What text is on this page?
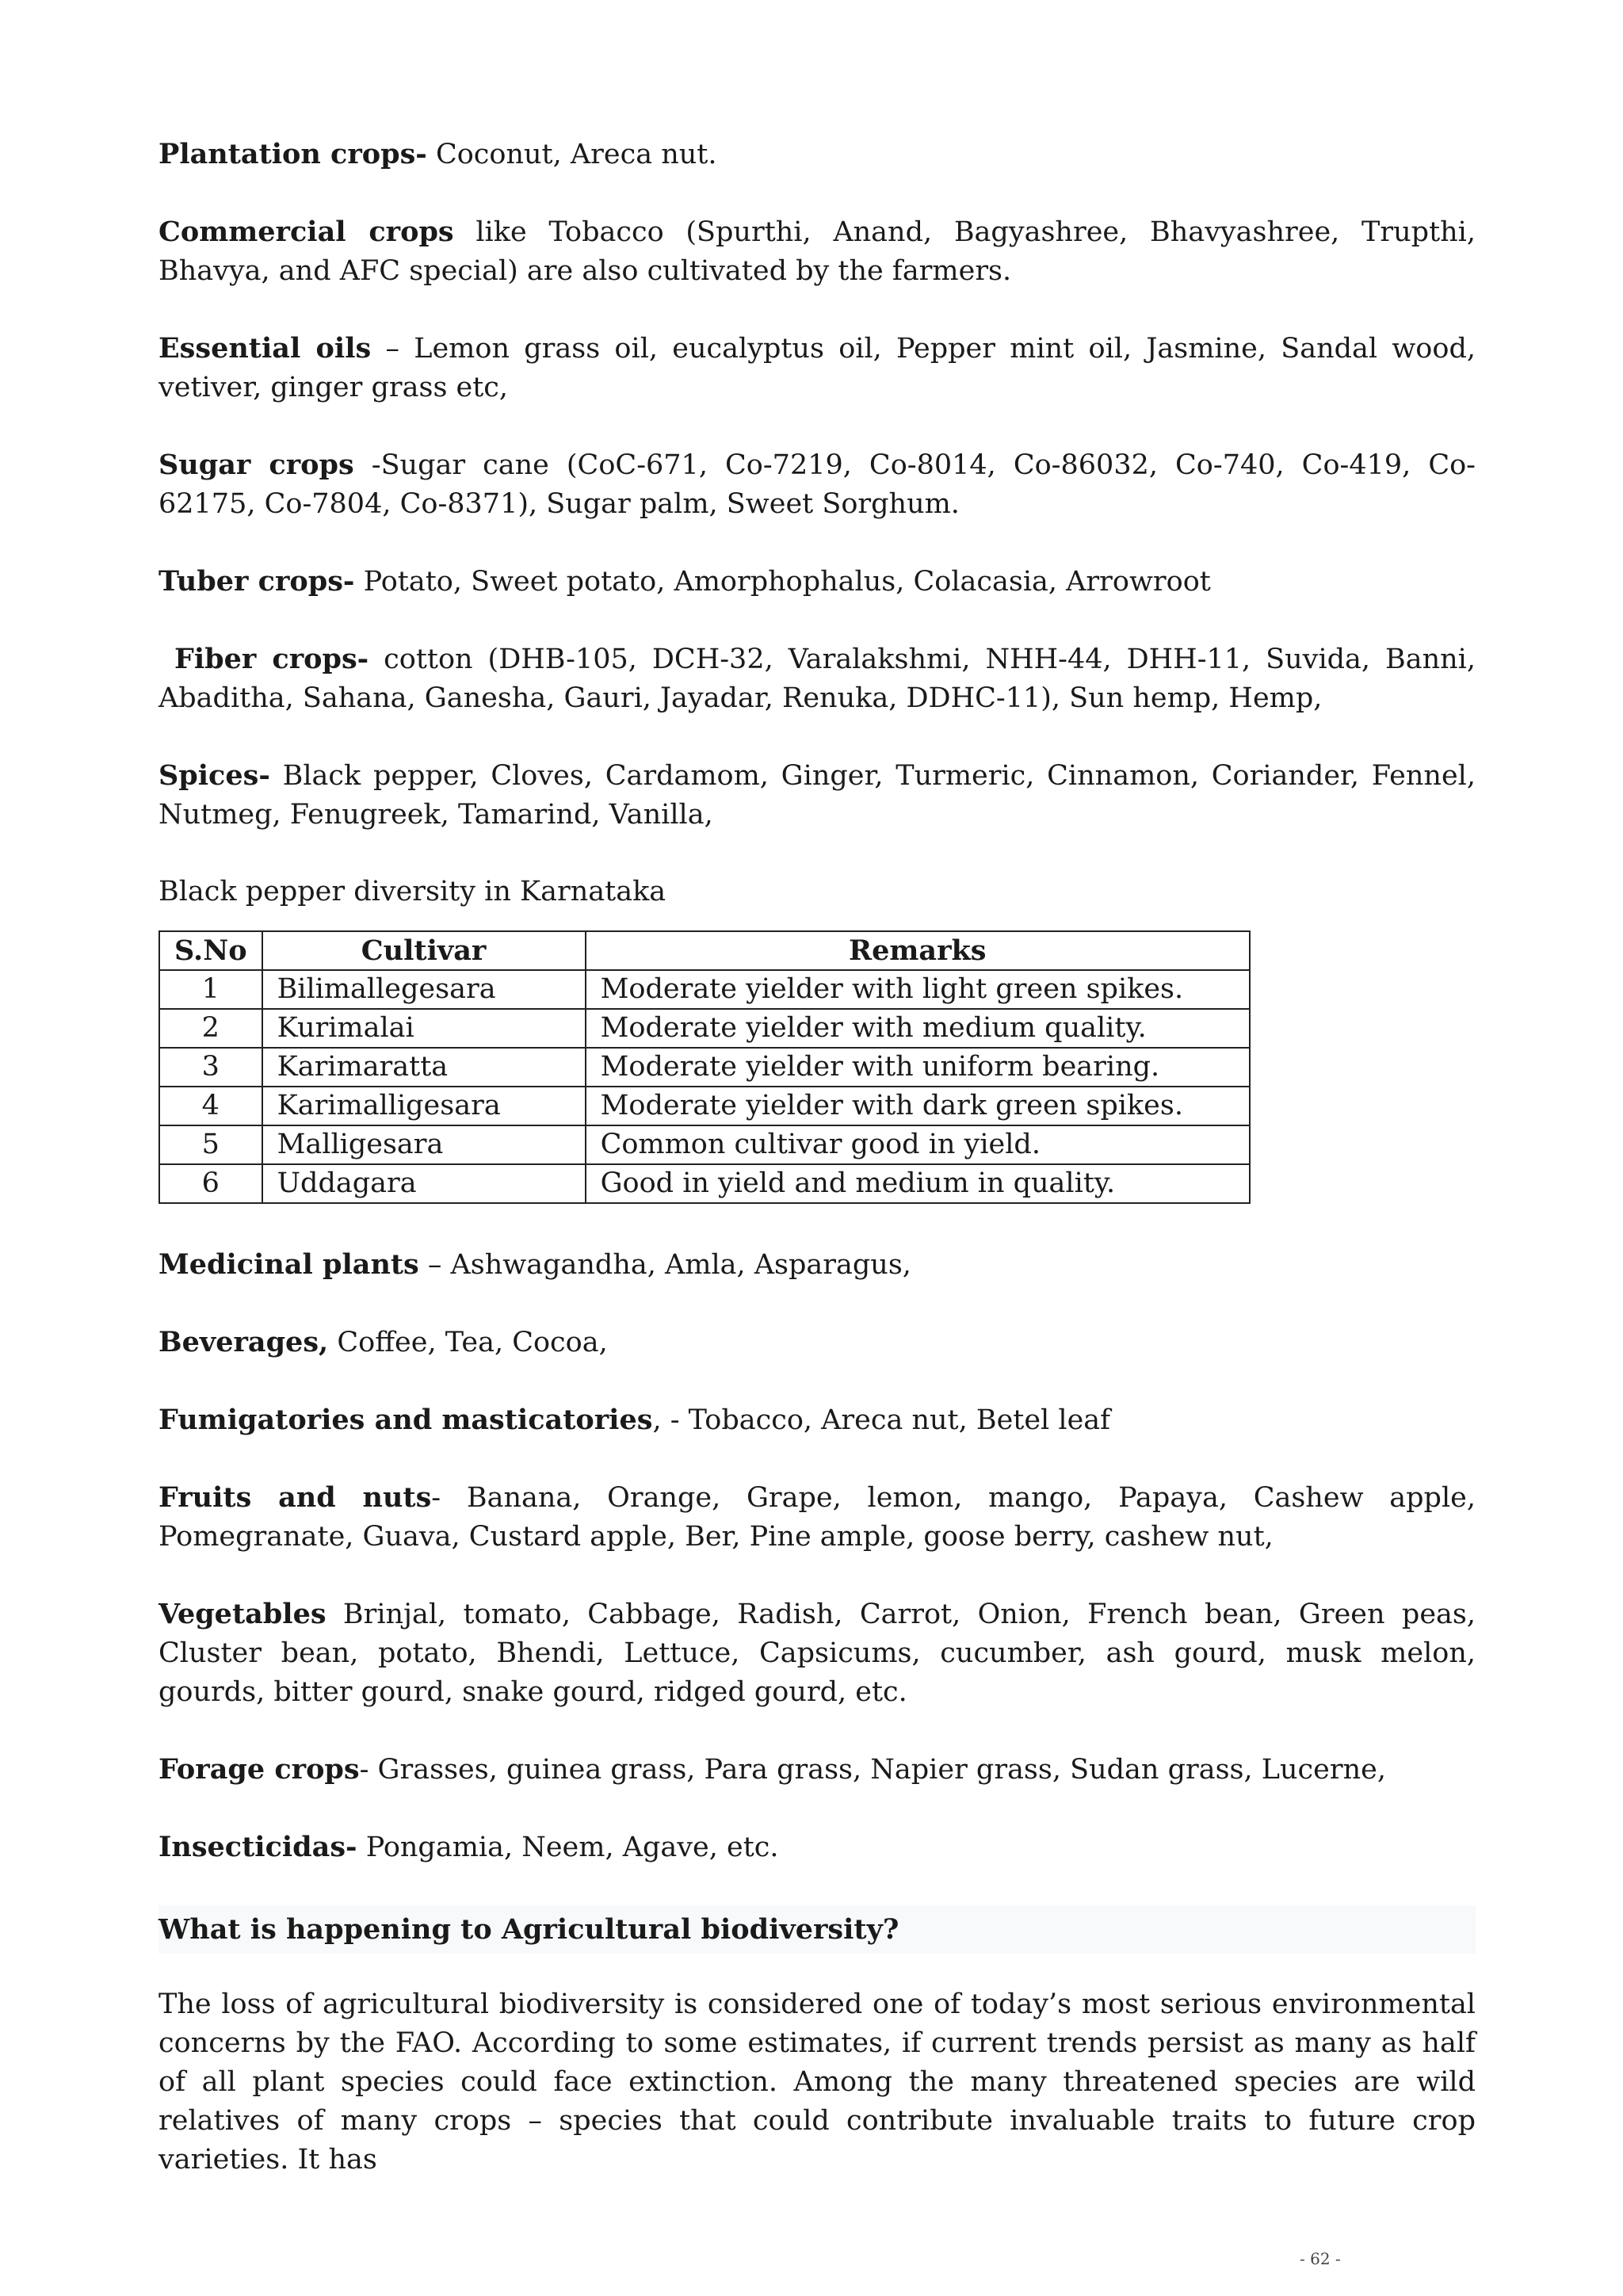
Plantation crops- Coconut, Areca nut.

Commercial crops like Tobacco (Spurthi, Anand, Bagyashree, Bhavyashree, Trupthi, Bhavya, and AFC special) are also cultivated by the farmers.

Essential oils – Lemon grass oil, eucalyptus oil, Pepper mint oil, Jasmine, Sandal wood, vetiver, ginger grass etc,

Sugar crops -Sugar cane (CoC-671, Co-7219, Co-8014, Co-86032, Co-740, Co-419, Co-62175, Co-7804, Co-8371), Sugar palm, Sweet Sorghum.

Tuber crops- Potato, Sweet potato, Amorphophalus, Colacasia, Arrowroot

Fiber crops- cotton (DHB-105, DCH-32, Varalakshmi, NHH-44, DHH-11, Suvida, Banni, Abaditha, Sahana, Ganesha, Gauri, Jayadar, Renuka, DDHC-11), Sun hemp, Hemp,

Spices- Black pepper, Cloves, Cardamom, Ginger, Turmeric, Cinnamon, Coriander, Fennel, Nutmeg, Fenugreek, Tamarind, Vanilla,

Black pepper diversity in Karnataka

S.No	Cultivar	Remarks
1	Bilimallegesara	Moderate yielder with light green spikes.
2	Kurimalai	Moderate yielder with medium quality.
3	Karimaratta	Moderate yielder with uniform bearing.
4	Karimalligesara	Moderate yielder with dark green spikes.
5	Malligesara	Common cultivar good in yield.
6	Uddagara	Good in yield and medium in quality.

Medicinal plants – Ashwagandha, Amla, Asparagus,

Beverages, Coffee, Tea, Cocoa,

Fumigatories and masticatories, - Tobacco, Areca nut, Betel leaf

Fruits and nuts- Banana, Orange, Grape, lemon, mango, Papaya, Cashew apple, Pomegranate, Guava, Custard apple, Ber, Pine ample, goose berry, cashew nut,

Vegetables Brinjal, tomato, Cabbage, Radish, Carrot, Onion, French bean, Green peas, Cluster bean, potato, Bhendi, Lettuce, Capsicums, cucumber, ash gourd, musk melon, gourds, bitter gourd, snake gourd, ridged gourd, etc.

Forage crops- Grasses, guinea grass, Para grass, Napier grass, Sudan grass, Lucerne,

Insecticidas- Pongamia, Neem, Agave, etc.

What is happening to Agricultural biodiversity?

The loss of agricultural biodiversity is considered one of today’s most serious environmental concerns by the FAO. According to some estimates, if current trends persist as many as half of all plant species could face extinction. Among the many threatened species are wild relatives of many crops – species that could contribute invaluable traits to future crop varieties. It has

- 62 -
